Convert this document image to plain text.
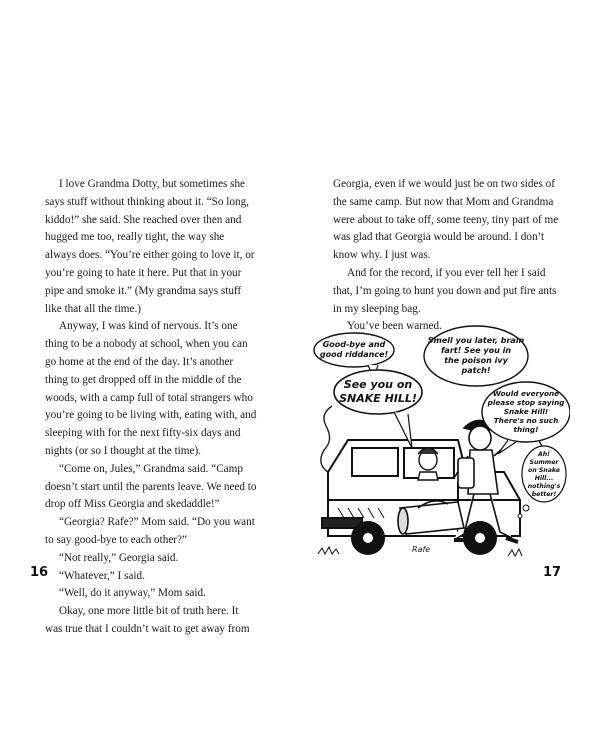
I love Grandma Dotty, but sometimes she says stuff without thinking about it. “So long, kiddo!” she said. She reached over then and hugged me too, really tight, the way she always does. “You’re either going to love it, or you’re going to hate it here. Put that in your pipe and smoke it.” (My grandma says stuff like that all the time.)

Anyway, I was kind of nervous. It’s one thing to be a nobody at school, when you can go home at the end of the day. It’s another thing to get dropped off in the middle of the woods, with a camp full of total strangers who you’re going to be living with, eating with, and sleeping with for the next fifty-six days and nights (or so I thought at the time).

“Come on, Jules,” Grandma said. “Camp doesn’t start until the parents leave. We need to drop off Miss Georgia and skedaddle!”

“Georgia? Rafe?” Mom said. “Do you want to say good-bye to each other?”

“Not really,” Georgia said.

“Whatever,” I said.

“Well, do it anyway,” Mom said.

Okay, one more little bit of truth here. It was true that I couldn’t wait to get away from

Georgia, even if we would just be on two sides of the same camp. But now that Mom and Grandma were about to take off, some teeny, tiny part of me was glad that Georgia would be around. I don’t know why. I just was.

And for the record, if you ever tell her I said that, I’m going to hunt you down and put fire ants in my sleeping bag.

You’ve been warned.

Rafe
Good-bye and
good riddance!
See you on
SNAKE HILL!
Smell you later, brain
fart! See you in
the poison ivy
patch!
Would everyone
please stop saying
Snake Hill!
There's no such
thing!
Ah!
Summer
on Snake
Hill...
nothing's
better!
16	17
